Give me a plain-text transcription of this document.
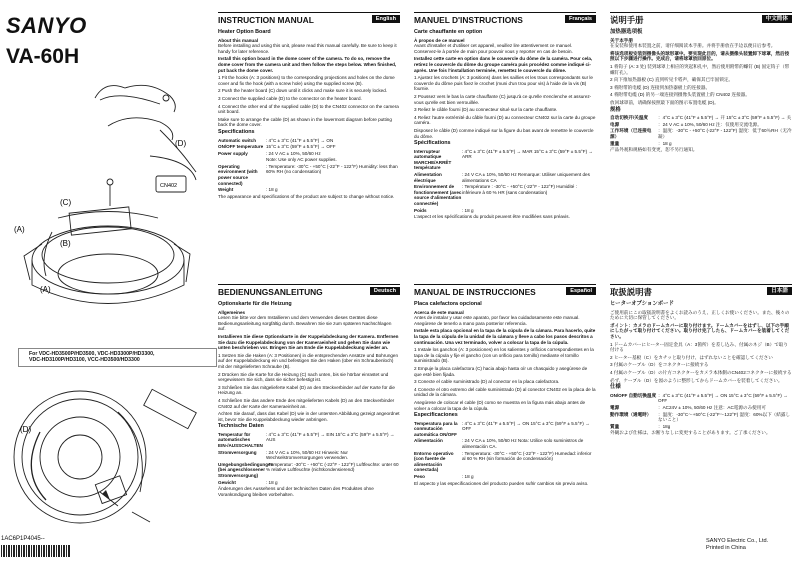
SANYO
VA-60H
(C)
(D)
CN402
(B)
(A)
(A)
For VDC-HD3500P/HD3500, VDC-HD3300P/HD3300,
VDC-HD3100P/HD3100, VCC-HD3500/HD3300
(D)
1AC6P1P4045--
INSTRUCTION MANUAL	English
Heater Option Board
About this manual

Before installing and using this unit, please read this manual carefully. Be sure to keep it handy for later reference.

Install this option board in the dome cover of the camera. To do so, remove the dome cover from the camera unit and then follow the steps below. When finished, put back the dome cover.

1 Fit the hooks (A: 3 positions) to the corresponding projections and holes on the dome cover and fix the hook (with a screw hole) using the supplied screw (B).

2 Push the heater board (C) down until it clicks and make sure it is securely locked.

3 Connect the supplied cable (D) to the connector on the heater board.

4 Connect the other end of the supplied cable (D) to the CN402 connector on the camera unit board.

Make sure to arrange the cable (D) as shown in the lowermost diagram before putting back the dome cover.

Specifications
Automatic switch	: 4°C ± 3°C (41°F ± 5.5°F) → ON
ON/OFF temperature 15°C ± 3°C (59°F ± 5.5°F) → OFF
Power supply	: 24 V AC ± 10%, 50/60 Hz
Note: Use only AC power supplies.
Operating environment (with power source connected)
: Temperature: -30°C - +50°C (-22°F - 122°F) Humidity: less than 60% RH (no condensation)
Weight	: 18 g

The appearance and specifications of the product are subject to change without notice.

MANUEL D'INSTRUCTIONS	Français
Carte chauffante en option
À propos de ce manuel

Avant d'installer et d'utiliser cet appareil, veuillez lire attentivement ce manuel. Conservez-le à portée de main pour pouvoir vous y reporter en cas de besoin.

Installez cette carte en option dans le couvercle du dôme de la caméra. Pour cela, retirez le couvercle du dôme du groupe caméra puis procédez comme indiqué ci-après. Une fois l'installation terminée, remettez le couvercle du dôme.

1 Ajustez les crochets (A: 3 positions) dans les saillies et les trous correspondants sur le couvercle du dôme puis fixez le crochet (muni d'un trou pour vis) à l'aide de la vis (B) fournie.

2 Poussez vers le bas la carte chauffante (C) jusqu'à ce qu'elle s'enclenche et assurez-vous qu'elle est bien verrouillée.

3 Reliez le câble fourni (D) au connecteur situé sur la carte chauffante.

4 Reliez l'autre extrémité du câble fourni (D) au connecteur CN402 sur la carte du groupe caméra.

Disposez le câble (D) comme indiqué sur la figure du bas avant de remettre le couvercle du dôme.

Spécifications
Interrupteur automatique MARCHE/ARRÊT température
: 4°C ± 3°C (41°F ± 5.5°F) → MAR 15°C ± 3°C (59°F ± 5.5°F) → ARR
Alimentation électrique
: 24 V CA ± 10%, 50/60 Hz Remarque: Utiliser uniquement des alimentations CA
Environnement de fonctionnement (avec source d'alimentation connectée)
: Température : -30°C - +50°C (-22°F - 122°F) Humidité : inférieure à 60 % HR (sans condensation)
Poids	: 18 g

L'aspect et les spécifications du produit peuvent être modifiées sans préavis.

说明手册	中文简体
加热器选项板
关于本手册

在安装和使用本装置之前，请仔细阅读本手册。并将手册放在手边以便日后参考。

将该选项板安装到摄像头的球形罩中。要实现此目的，请从摄像头装置卸下球罩，然后按照以下步骤进行操作。完成后，请将球罩放回原位。

1 将钩子 (A: 3 处) 装到球罩上相应的突起和孔中，然后使用附带的螺钉 (B) 固定钩子（带螺钉孔）。

2 向下推加热器板 (C) 直到听见卡嗒声，确保其已牢固锁定。

3 将附带的电缆 (D) 连接到加热器板上的连接器。

4 将附带电缆 (D) 的另一端连接到摄像头装置板上的 CN402 连接器。

放回球罩前，请确保按照最下面的图示布置电缆 (D)。

规格
自动切换开/关温度	：4°C ± 3°C (41°F ± 5.5°F) → 开 15°C ± 3°C (59°F ± 5.5°F) → 关
电源	：24 V AC ± 10%, 50/60 Hz 注：仅使用交流电源。
工作环境（已连接电源）
：温度：-30°C - +50°C (-22°F - 122°F) 湿度：低于60％RH（无冷凝）
重量	：18 g

产品外观和规格如有变更，恕不另行通知。

BEDIENUNGSANLEITUNG	Deutsch
Optionskarte für die Heizung
Allgemeines

Lesen Sie bitte vor dem Installieren und dem Verwenden dieses Gerätes diese Bedienungsanleitung sorgfältig durch. Bewahren Sie sie zum späteren Nachschlagen auf.

Installieren Sie diese Optionskarte in der Kuppelabdeckung der Kamera. Entfernen Sie dazu die Kuppelabdeckung von der Kameraeinheit und gehen Sie dann wie unten beschrieben vor. Bringen Sie am Ende die Kuppelabdeckung wieder an.

1 Setzen Sie die Haken (A: 3 Positionen) in die entsprechenden Ansätze und Bohrungen auf der Kuppelabdeckung ein und befestigen Sie den Haken (über ein Schraubenloch) mit der mitgelieferten Schraube (B).

2 Drücken Sie die Karte für die Heizung (C) nach unten, bis sie hörbar einrastet und vergewissern Sie sich, dass sie sicher befestigt ist.

3 Schließen Sie das mitgelieferte Kabel (D) an den Steckverbinder auf der Karte für die Heizung an.

4 Schließen Sie das andere Ende des mitgelieferten Kabels (D) an den Steckverbinder CN402 auf der Karte der Kameraeinheit an.

Achten Sie darauf, dass das Kabel (D) wie in der untersten Abbildung gezeigt angeordnet ist, bevor Sie die Kuppelabdeckung wieder anbringen.

Technische Daten
Temperatur für automatisches EIN-/AUSSCHALTEN
: 4°C ± 3°C (41°F ± 5.5°F) → EIN 15°C ± 3°C (59°F ± 5.5°F) → AUS
Stromversorgung	: 24 V AC ± 10%, 50/60 Hz Hinweis: Nur Wechselstromversorgungen verwenden.
Umgebungsbedingungen (bei angeschlossener Stromversorgung)
: Temperatur: -30°C - +50°C (-22°F - 122°F) Luftfeuchte: unter 60 % relative Luftfeuchte (nichtkondensierend)
Gewicht	: 18 g

Änderungen des Aussehens und der technischen Daten des Produktes ohne Vorankündigung bleiben vorbehalten.

MANUAL DE INSTRUCCIONES	Español
Placa calefactora opcional
Acerca de este manual

Antes de instalar y usar este aparato, por favor lea cuidadosamente este manual. Asegúrese de tenerlo a mano para posterior referencia.

Instale esta placa opcional en la tapa de la cúpula de la cámara. Para hacerlo, quite la tapa de la cúpula de la unidad de la cámara y lleve a cabo los pasos descritos a continuación. Una vez terminado, volver a colocar la tapa de la cúpula.

1 Instale los ganchos (A: 3 posiciones) en los salientes y orificios correspondientes en la tapa de la cúpula y fije el gancho (con un orificio para tornillo) mediante el tornillo suministrado (B).

2 Empuje la placa calefactora (C) hacia abajo hasta oír un chasquido y asegúrese de que esté bien fijada.

3 Conecte el cable suministrado (D) al conector en la placa calefactora.

4 Conecte el otro extremo del cable suministrado (D) al conector CN402 en la placa de la unidad de la cámara.

Asegúrese de colocar el cable (D) como se muestra en la figura más abajo antes de volver a colocar la tapa de la cúpula.

Especificaciones
Temperatura para la conmutación automática ON/OFF
: 4°C ± 3°C (41°F ± 5.5°F) → ON 15°C ± 3°C (59°F ± 5.5°F) → OFF
Alimentación	: 24 V CA ± 10%, 50/60 Hz Nota: Utilice solo suministros de alimentación CA.
Entorno operativo (con fuente de alimentación conectada)
: Temperatura: -30°C - +50°C (-22°F - 122°F) Humedad: inferior al 60 % RH (sin formación de condensación)
Peso	: 18 g

El aspecto y las especificaciones del producto pueden sufrir cambios sin previo aviso.

取扱説明書	日本語
ヒーターオプションボード

ご使用前にこの取扱説明書をよくお読みのうえ、正しくお使いください。また、後々のために大切に保管してください。

ポイント：カメラのドームカバーに取り付けます。ドームカバーをはずし、以下の手順にしたがって取り付けてください。取り付け完了したら、ドームカバーを装着してください。

1 ドームカバーにヒーター固定金具（A：3箇所）を差し込み、付属のネジ（B）で取り付ける

2 ヒーター基板（C）をカチッと取り付け、はずれないことを確認してください

3 付属のケーブル（D）をコネクターに接続する

4 付属のケーブル（D）の片方コネクターをカメラ本体側のCN402コネクターに接続する

必ず、ケーブル（D）を図のように整形してからドームカバーを装着してください。

仕様
ON/OFF 自動切換温度 ：4°C ± 3°C (41°F ± 5.5°F) → ON 15°C ± 3°C (59°F ± 5.5°F) → OFF
電源	：AC24V ± 10%, 50/60 Hz 注意：AC電源のみ使用可
動作環境（通電時）	：温度：-30°C〜+50°C (-22°F〜122°F) 湿度：60%以下（結露しないこと）
質量	：18g

外観および仕様は、お断りなしに変更することがあります。ご了承ください。

SANYO Electric Co., Ltd.
Printed in China
